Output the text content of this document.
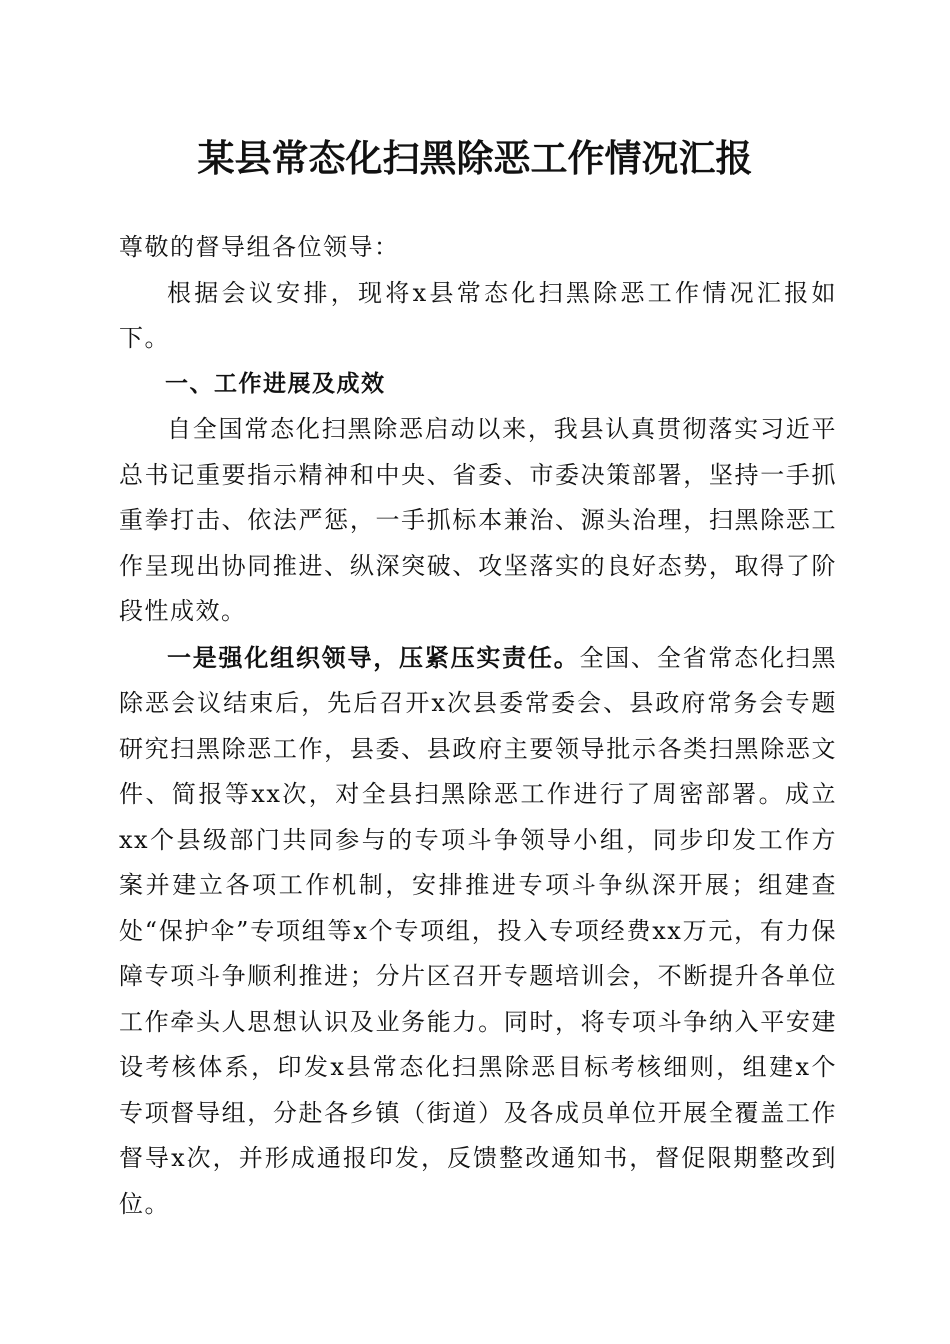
某县常态化扫黑除恶工作情况汇报

尊敬的督导组各位领导：

根据会议安排，现将x县常态化扫黑除恶工作情况汇报如下。

一、工作进展及成效

自全国常态化扫黑除恶启动以来，我县认真贯彻落实习近平总书记重要指示精神和中央、省委、市委决策部署，坚持一手抓重拳打击、依法严惩，一手抓标本兼治、源头治理，扫黑除恶工作呈现出协同推进、纵深突破、攻坚落实的良好态势，取得了阶段性成效。

一是强化组织领导，压紧压实责任。全国、全省常态化扫黑除恶会议结束后，先后召开x次县委常委会、县政府常务会专题研究扫黑除恶工作，县委、县政府主要领导批示各类扫黑除恶文件、简报等xx次，对全县扫黑除恶工作进行了周密部署。成立xx个县级部门共同参与的专项斗争领导小组，同步印发工作方案并建立各项工作机制，安排推进专项斗争纵深开展；组建查处“保护伞”专项组等x个专项组，投入专项经费xx万元，有力保障专项斗争顺利推进；分片区召开专题培训会，不断提升各单位工作牵头人思想认识及业务能力。同时，将专项斗争纳入平安建设考核体系，印发x县常态化扫黑除恶目标考核细则，组建x个专项督导组，分赴各乡镇（街道）及各成员单位开展全覆盖工作督导x次，并形成通报印发，反馈整改通知书，督促限期整改到位。
